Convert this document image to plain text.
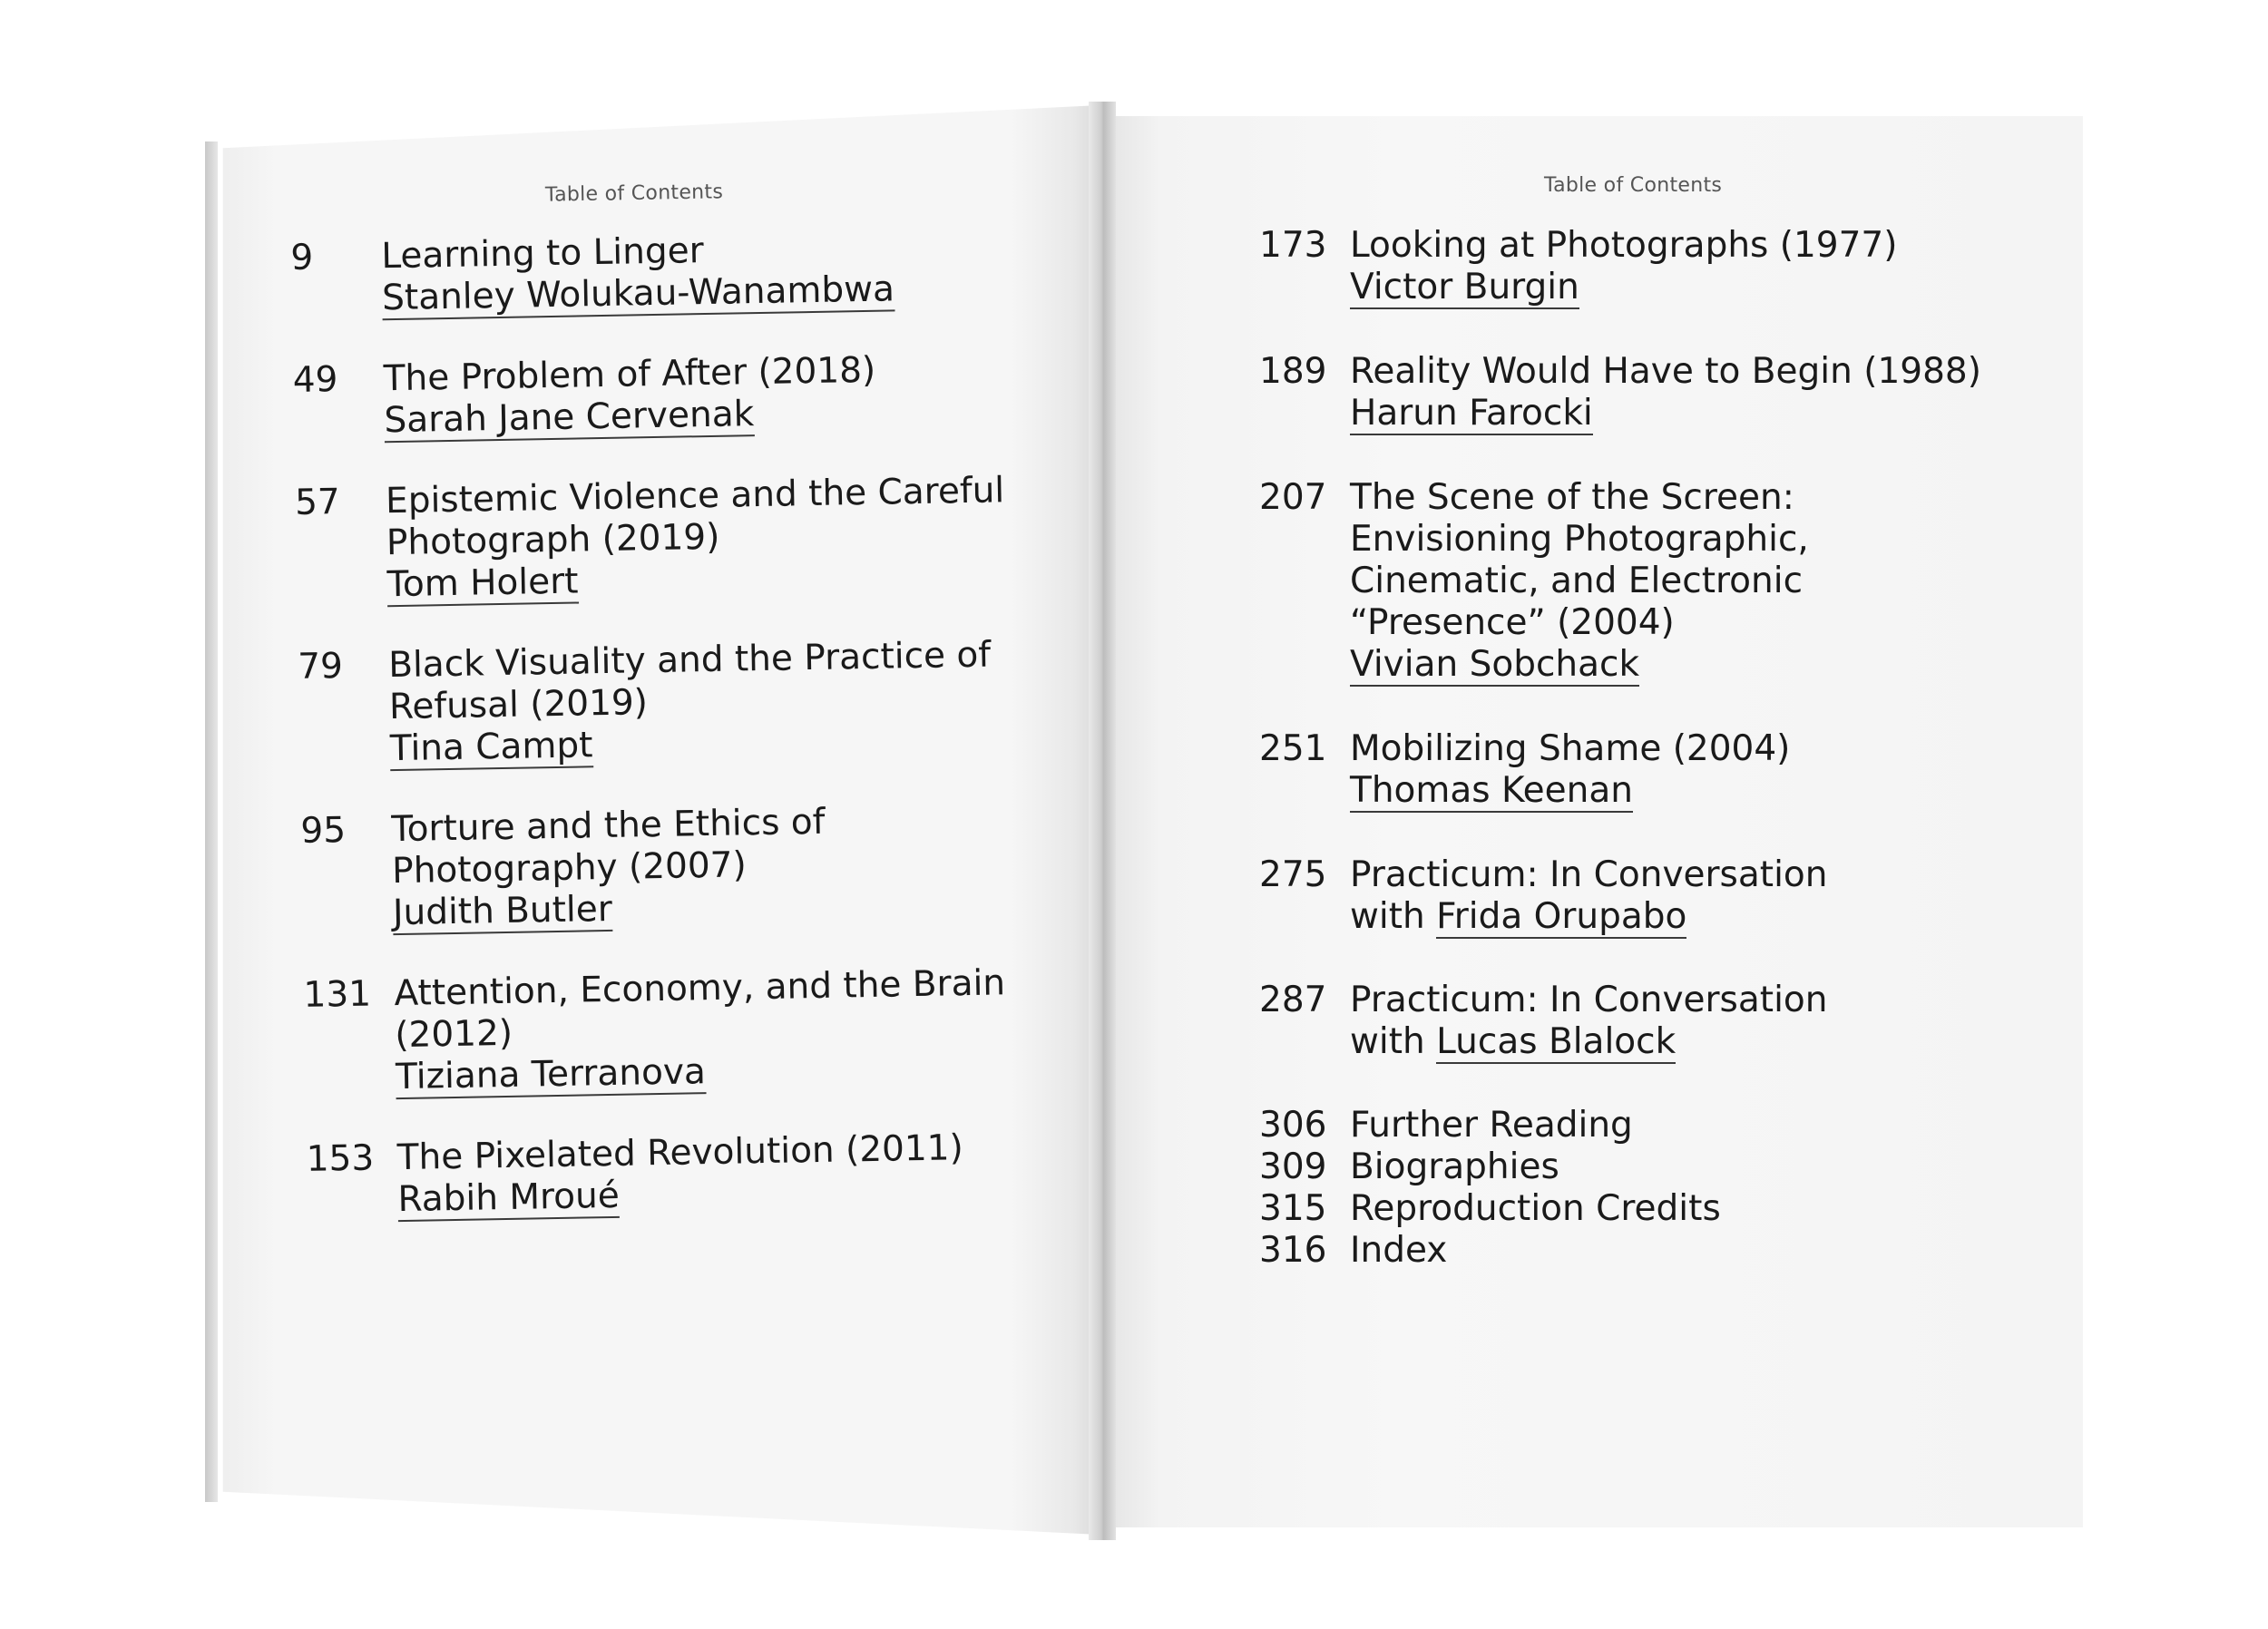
Table of Contents	Table of Contents
9	Learning to Linger
Stanley Wolukau-Wanambwa
49	The Problem of After (2018)
Sarah Jane Cervenak
57	Epistemic Violence and the Careful
Photograph (2019)
Tom Holert
79	Black Visuality and the Practice of
Refusal (2019)
Tina Campt
95	Torture and the Ethics of
Photography (2007)
Judith Butler
131 Attention, Economy, and the Brain
(2012)
Tiziana Terranova
153 The Pixelated Revolution (2011)
Rabih Mroué
173 Looking at Photographs (1977)
Victor Burgin
189 Reality Would Have to Begin (1988)
Harun Farocki
207 The Scene of the Screen:
Envisioning Photographic,
Cinematic, and Electronic
“Presence” (2004)
Vivian Sobchack
251 Mobilizing Shame (2004)
Thomas Keenan
275 Practicum: In Conversation
with Frida Orupabo
287 Practicum: In Conversation
with Lucas Blalock
306 Further Reading
309 Biographies
315 Reproduction Credits
316 Index
